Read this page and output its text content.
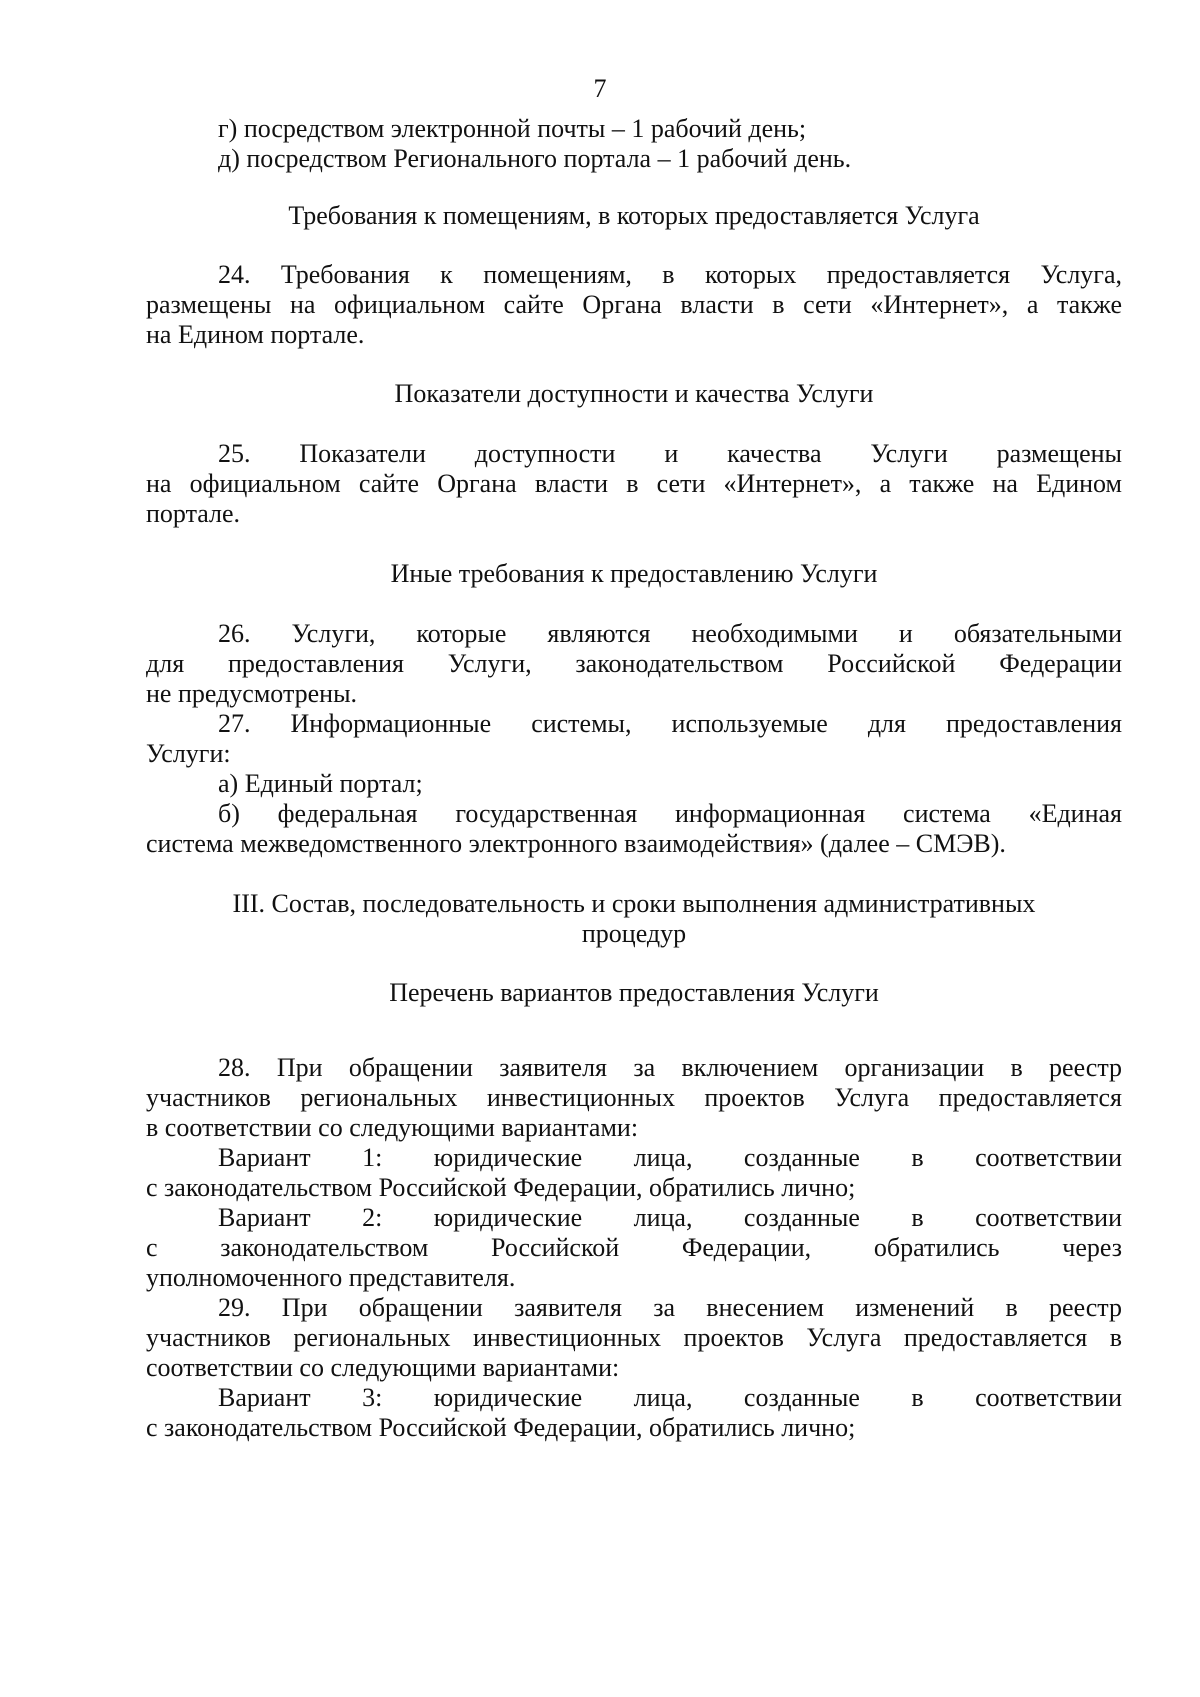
7
г) посредством электронной почты – 1 рабочий день;
д) посредством Регионального портала – 1 рабочий день.
Требования к помещениям, в которых предоставляется Услуга
24. Требования к помещениям, в которых предоставляется Услуга,
размещены на официальном сайте Органа власти в сети «Интернет», а также
на Едином портале.
Показатели доступности и качества Услуги
25. Показатели доступности и качества Услуги размещены
на официальном сайте Органа власти в сети «Интернет», а также на Едином
портале.
Иные требования к предоставлению Услуги
26. Услуги, которые являются необходимыми и обязательными
для предоставления Услуги, законодательством Российской Федерации
не предусмотрены.
27. Информационные системы, используемые для предоставления
Услуги:
а) Единый портал;
б) федеральная государственная информационная система «Единая
система межведомственного электронного взаимодействия» (далее – СМЭВ).
III. Состав, последовательность и сроки выполнения административных
процедур
Перечень вариантов предоставления Услуги
28. При обращении заявителя за включением организации в реестр
участников региональных инвестиционных проектов Услуга предоставляется
в соответствии со следующими вариантами:
Вариант 1: юридические лица, созданные в соответствии
с законодательством Российской Федерации, обратились лично;
Вариант 2: юридические лица, созданные в соответствии
с законодательством Российской Федерации, обратились через
уполномоченного представителя.
29. При обращении заявителя за внесением изменений в реестр
участников региональных инвестиционных проектов Услуга предоставляется в
соответствии со следующими вариантами:
Вариант 3: юридические лица, созданные в соответствии
с законодательством Российской Федерации, обратились лично;
